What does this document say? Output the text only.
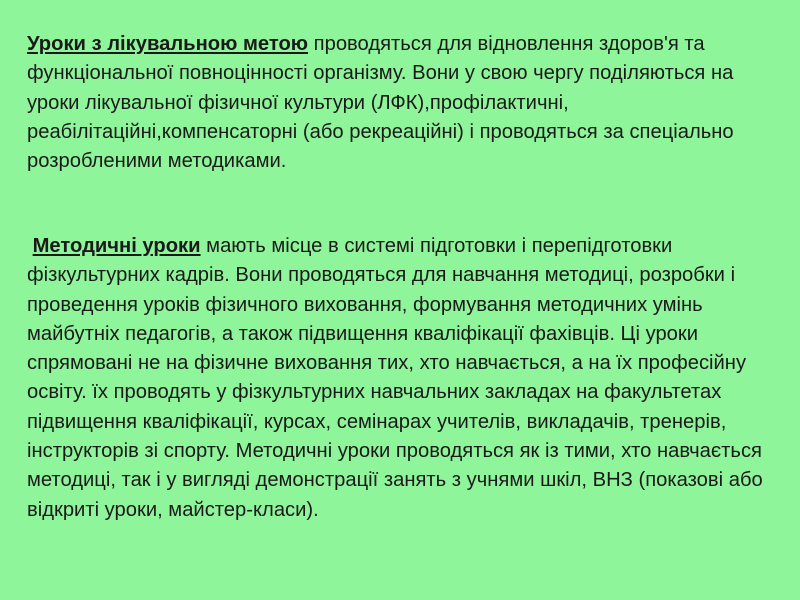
Уроки з лікувальною метою проводяться для відновлення здоров'я та функціональної повноцінності організму. Вони у свою чергу поділяються на уроки лікувальної фізичної культури (ЛФК),профілактичні, реабілітаційні,компенсаторні (або рекреаційні) і проводяться за спеціально розробленими методиками.

Методичні уроки мають місце в системі підготовки і перепідготовки фізкультурних кадрів. Вони проводяться для навчання методиці, розробки і проведення уроків фізичного виховання, формування методичних умінь майбутніх педагогів, а також підвищення кваліфікації фахівців. Ці уроки спрямовані не на фізичне виховання тих, хто навчається, а на їх професійну освіту. їх проводять у фізкультурних навчальних закладах на факультетах підвищення кваліфікації, курсах, семінарах учителів, викладачів, тренерів, інструкторів зі спорту. Методичні уроки проводяться як із тими, хто навчається методиці, так і у вигляді демонстрації занять з учнями шкіл, ВНЗ (показові або відкриті уроки, майстер-класи).
